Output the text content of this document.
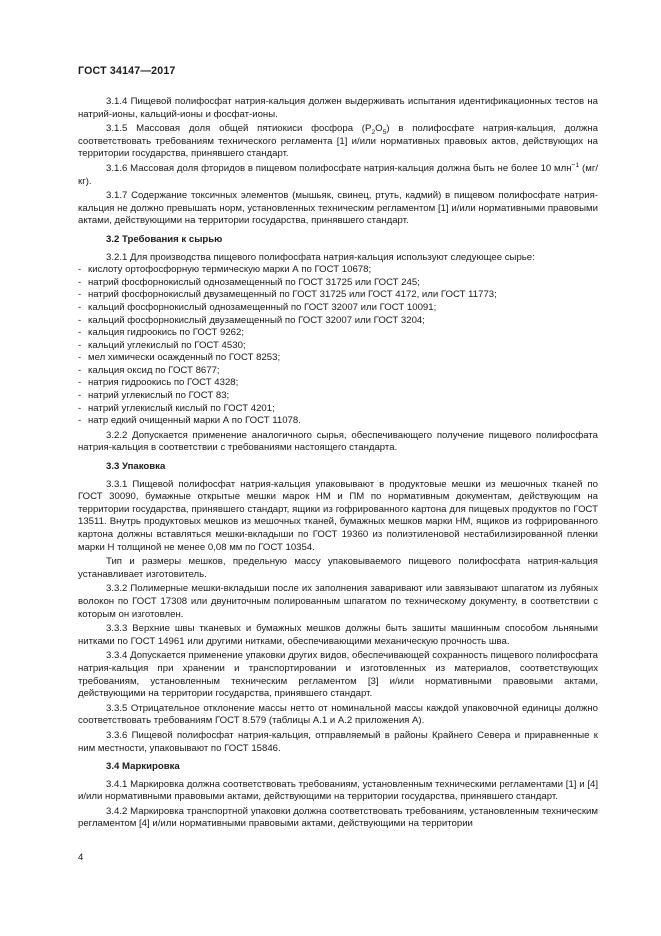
ГОСТ 34147—2017

3.1.4 Пищевой полифосфат натрия-кальция должен выдерживать испытания идентификационных тестов на натрий-ионы, кальций-ионы и фосфат-ионы.

3.1.5 Массовая доля общей пятиокиси фосфора $(P_2O_5)$ в полифосфате натрия-кальция, должна соответствовать требованиям технического регламента [1] и/или нормативных правовых актов, действующих на территории государства, принявшего стандарт.

3.1.6 Массовая доля фторидов в пищевом полифосфате натрия-кальция должна быть не более 10 млн$^{-1}$ (мг/кг).

3.1.7 Содержание токсичных элементов (мышьяк, свинец, ртуть, кадмий) в пищевом полифосфате натрия-кальция не должно превышать норм, установленных техническим регламентом [1] и/или нормативными правовыми актами, действующими на территории государства, принявшего стандарт.

3.2 Требования к сырью

3.2.1 Для производства пищевого полифосфата натрия-кальция используют следующее сырье:

- кислоту ортофосфорную термическую марки А по ГОСТ 10678;
- натрий фосфорнокислый однозамещенный по ГОСТ 31725 или ГОСТ 245;
- натрий фосфорнокислый двузамещенный по ГОСТ 31725 или ГОСТ 4172, или ГОСТ 11773;
- кальций фосфорнокислый однозамещенный по ГОСТ 32007 или ГОСТ 10091;
- кальций фосфорнокислый двузамещенный по ГОСТ 32007 или ГОСТ 3204;
- кальция гидроокись по ГОСТ 9262;
- кальций углекислый по ГОСТ 4530;
- мел химически осажденный по ГОСТ 8253;
- кальция оксид по ГОСТ 8677;
- натрия гидроокись по ГОСТ 4328;
- натрий углекислый по ГОСТ 83;
- натрий углекислый кислый по ГОСТ 4201;
- натр едкий очищенный марки А по ГОСТ 11078.

3.2.2 Допускается применение аналогичного сырья, обеспечивающего получение пищевого полифосфата натрия-кальция в соответствии с требованиями настоящего стандарта.

3.3 Упаковка

3.3.1 Пищевой полифосфат натрия-кальция упаковывают в продуктовые мешки из мешочных тканей по ГОСТ 30090, бумажные открытые мешки марок НМ и ПМ по нормативным документам, действующим на территории государства, принявшего стандарт, ящики из гофрированного картона для пищевых продуктов по ГОСТ 13511. Внутрь продуктовых мешков из мешочных тканей, бумажных мешков марки НМ, ящиков из гофрированного картона должны вставляться мешки-вкладыши по ГОСТ 19360 из полиэтиленовой нестабилизированной пленки марки Н толщиной не менее 0,08 мм по ГОСТ 10354.

Тип и размеры мешков, предельную массу упаковываемого пищевого полифосфата натрия-кальция устанавливает изготовитель.

3.3.2 Полимерные мешки-вкладыши после их заполнения заваривают или завязывают шпагатом из лубяных волокон по ГОСТ 17308 или двуниточным полированным шпагатом по техническому документу, в соответствии с которым он изготовлен.

3.3.3 Верхние швы тканевых и бумажных мешков должны быть зашиты машинным способом льняными нитками по ГОСТ 14961 или другими нитками, обеспечивающими механическую прочность шва.

3.3.4 Допускается применение упаковки других видов, обеспечивающей сохранность пищевого полифосфата натрия-кальция при хранении и транспортировании и изготовленных из материалов, соответствующих требованиям, установленным техническим регламентом [3] и/или нормативными правовыми актами, действующими на территории государства, принявшего стандарт.

3.3.5 Отрицательное отклонение массы нетто от номинальной массы каждой упаковочной единицы должно соответствовать требованиям ГОСТ 8.579 (таблицы А.1 и А.2 приложения А).

3.3.6 Пищевой полифосфат натрия-кальция, отправляемый в районы Крайнего Севера и приравненные к ним местности, упаковывают по ГОСТ 15846.

3.4 Маркировка

3.4.1 Маркировка должна соответствовать требованиям, установленным техническими регламентами [1] и [4] и/или нормативными правовыми актами, действующими на территории государства, принявшего стандарт.

3.4.2 Маркировка транспортной упаковки должна соответствовать требованиям, установленным техническим регламентом [4] и/или нормативными правовыми актами, действующими на территории

4
